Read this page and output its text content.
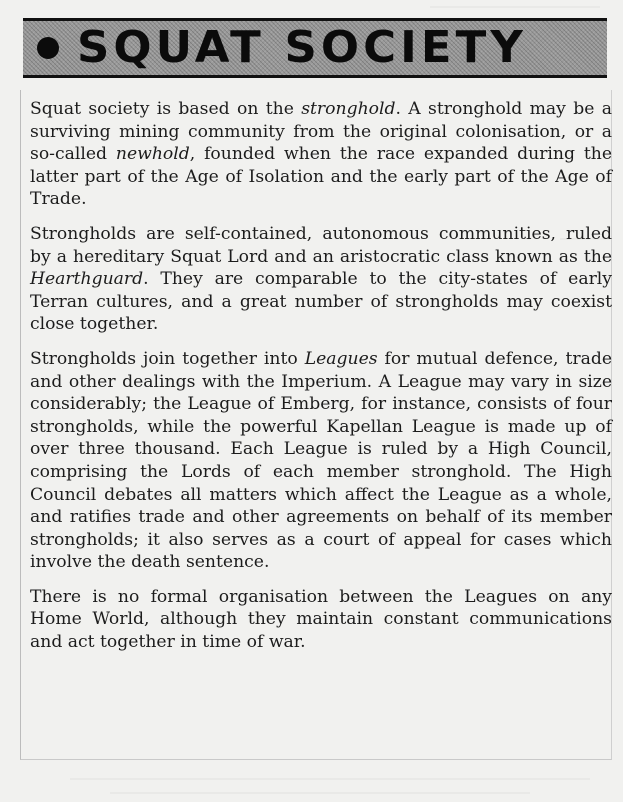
SQUAT SOCIETY

Squat society is based on the stronghold. A stronghold may be a surviving mining community from the original colonisation, or a so-called newhold, founded when the race expanded during the latter part of the Age of Isolation and the early part of the Age of Trade.

Strongholds are self-contained, autonomous communities, ruled by a hereditary Squat Lord and an aristocratic class known as the Hearthguard. They are comparable to the city-states of early Terran cultures, and a great number of strongholds may coexist close together.

Strongholds join together into Leagues for mutual defence, trade and other dealings with the Imperium. A League may vary in size considerably; the League of Emberg, for instance, consists of four strongholds, while the powerful Kapellan League is made up of over three thousand. Each League is ruled by a High Council, comprising the Lords of each member stronghold. The High Council debates all matters which affect the League as a whole, and ratifies trade and other agreements on behalf of its member strongholds; it also serves as a court of appeal for cases which involve the death sentence.

There is no formal organisation between the Leagues on any Home World, although they maintain constant communications and act together in time of war.
